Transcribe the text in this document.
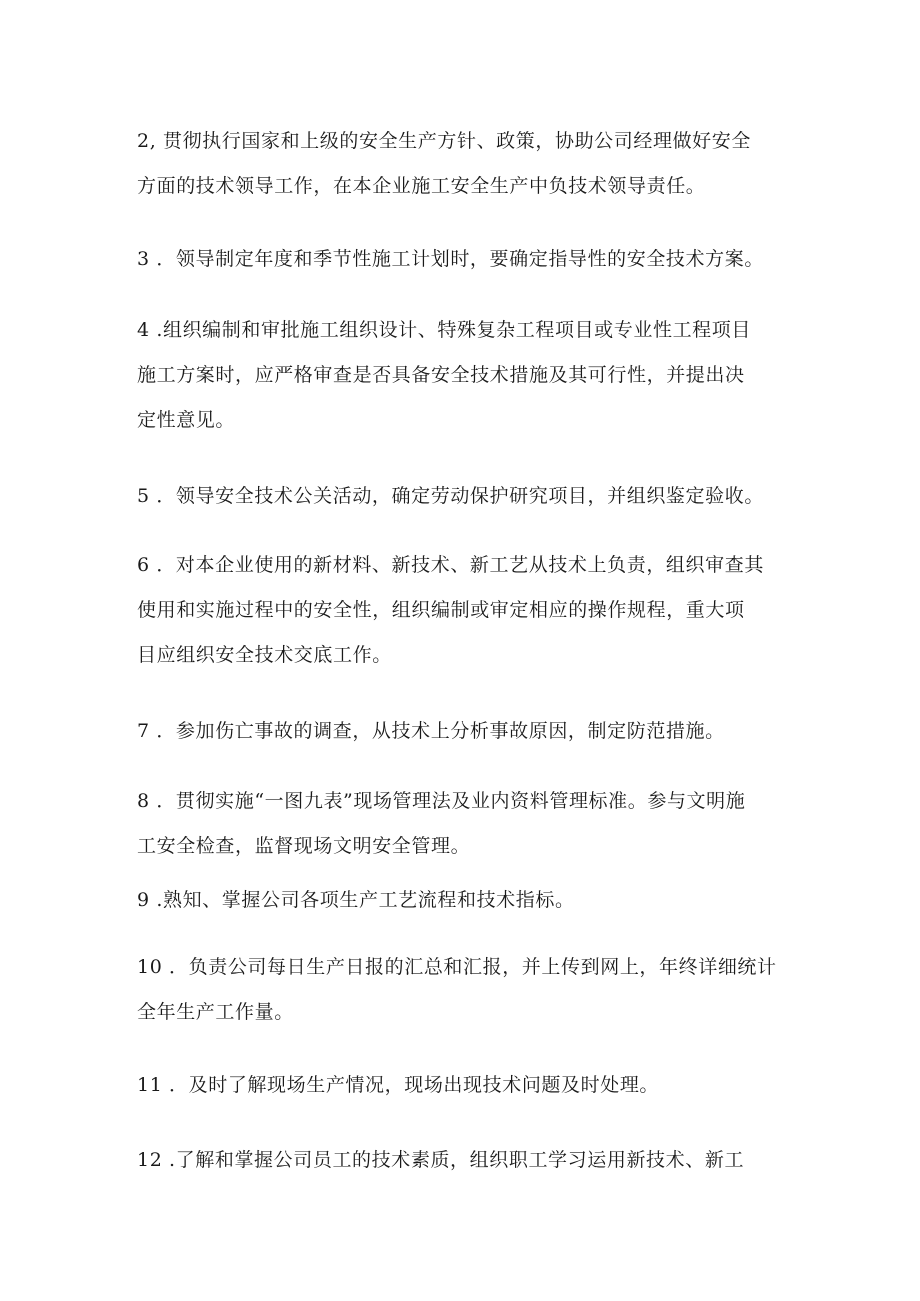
2, 贯彻执行国家和上级的安全生产方针、政策，协助公司经理做好安全
方面的技术领导工作，在本企业施工安全生产中负技术领导责任。

3 ．领导制定年度和季节性施工计划时，要确定指导性的安全技术方案。

4 .组织编制和审批施工组织设计、特殊复杂工程项目或专业性工程项目
施工方案时，应严格审查是否具备安全技术措施及其可行性，并提出决
定性意见。

5 ．领导安全技术公关活动，确定劳动保护研究项目，并组织鉴定验收。

6 ．对本企业使用的新材料、新技术、新工艺从技术上负责，组织审查其
使用和实施过程中的安全性，组织编制或审定相应的操作规程，重大项
目应组织安全技术交底工作。

7 ．参加伤亡事故的调查，从技术上分析事故原因，制定防范措施。

8 ．贯彻实施“一图九表”现场管理法及业内资料管理标准。参与文明施
工安全检查，监督现场文明安全管理。

9 .熟知、掌握公司各项生产工艺流程和技术指标。

10 ．负责公司每日生产日报的汇总和汇报，并上传到网上，年终详细统计
全年生产工作量。

11 ．及时了解现场生产情况，现场出现技术问题及时处理。

12 .了解和掌握公司员工的技术素质，组织职工学习运用新技术、新工
